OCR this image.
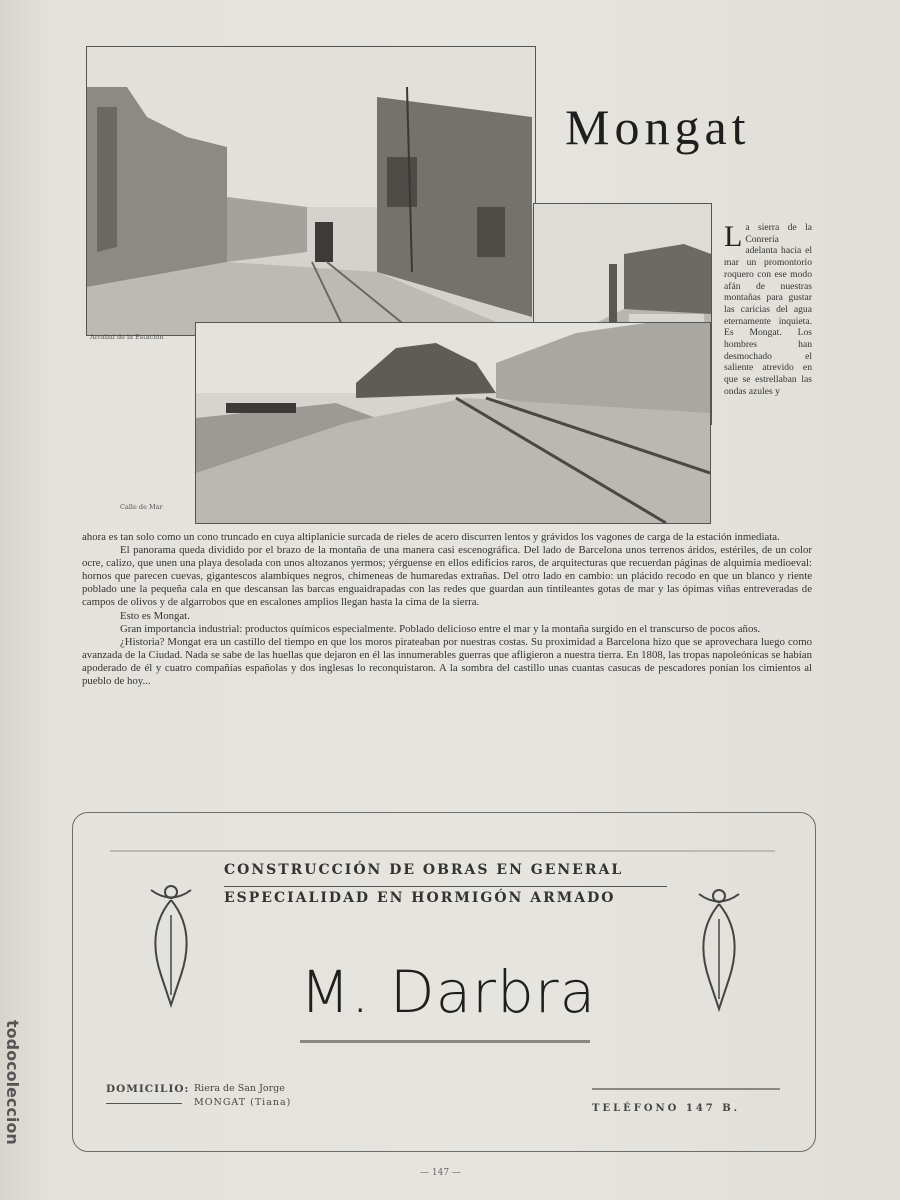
Arrabal de la Estación
Calle de Mar
Mongat

La sierra de la Conrería adelanta hacia el mar un promontorio roquero con ese modo afán de nuestras montañas para gustar las caricias del agua eternamente inquieta. Es Mongat. Los hombres han desmochado el saliente atrevido en que se estrellaban las ondas azules y

ahora es tan solo como un cono truncado en cuya altiplanicie surcada de rieles de acero discurren lentos y grávidos los vagones de carga de la estación inmediata.

El panorama queda dividido por el brazo de la montaña de una manera casi escenográfica. Del lado de Barcelona unos terrenos áridos, estériles, de un color ocre, calizo, que unen una playa desolada con unos altozanos yermos; yérguense en ellos edificios raros, de arquitecturas que recuerdan páginas de alquimia medioeval: hornos que parecen cuevas, gigantescos alambiques negros, chimeneas de humaredas extrañas. Del otro lado en cambio: un plácido recodo en que un blanco y riente poblado une la pequeña cala en que descansan las barcas enguaidrapadas con las redes que guardan aun tintileantes gotas de mar y las ópimas viñas entreveradas de campos de olivos y de algarrobos que en escalones amplios llegan hasta la cima de la sierra.

Esto es Mongat.

Gran importancia industrial: productos químicos especialmente. Poblado delicioso entre el mar y la montaña surgido en el transcurso de pocos años.

¿Historia? Mongat era un castillo del tiempo en que los moros pirateaban por nuestras costas. Su proximidad a Barcelona hizo que se aprovechara luego como avanzada de la Ciudad. Nada se sabe de las huellas que dejaron en él las innumerables guerras que afligieron a nuestra tierra. En 1808, las tropas napoleónicas se habían apoderado de él y cuatro compañías españolas y dos inglesas lo reconquistaron. A la sombra del castillo unas cuantas casucas de pescadores ponían los cimientos al pueblo de hoy...

CONSTRUCCIÓN DE OBRAS EN GENERAL
ESPECIALIDAD EN HORMIGÓN ARMADO
M. Darbra
DOMICILIO: Riera de San Jorge
MONGAT (Tiana)
TELÉFONO 147 B.
— 147 —
todocoleccion
